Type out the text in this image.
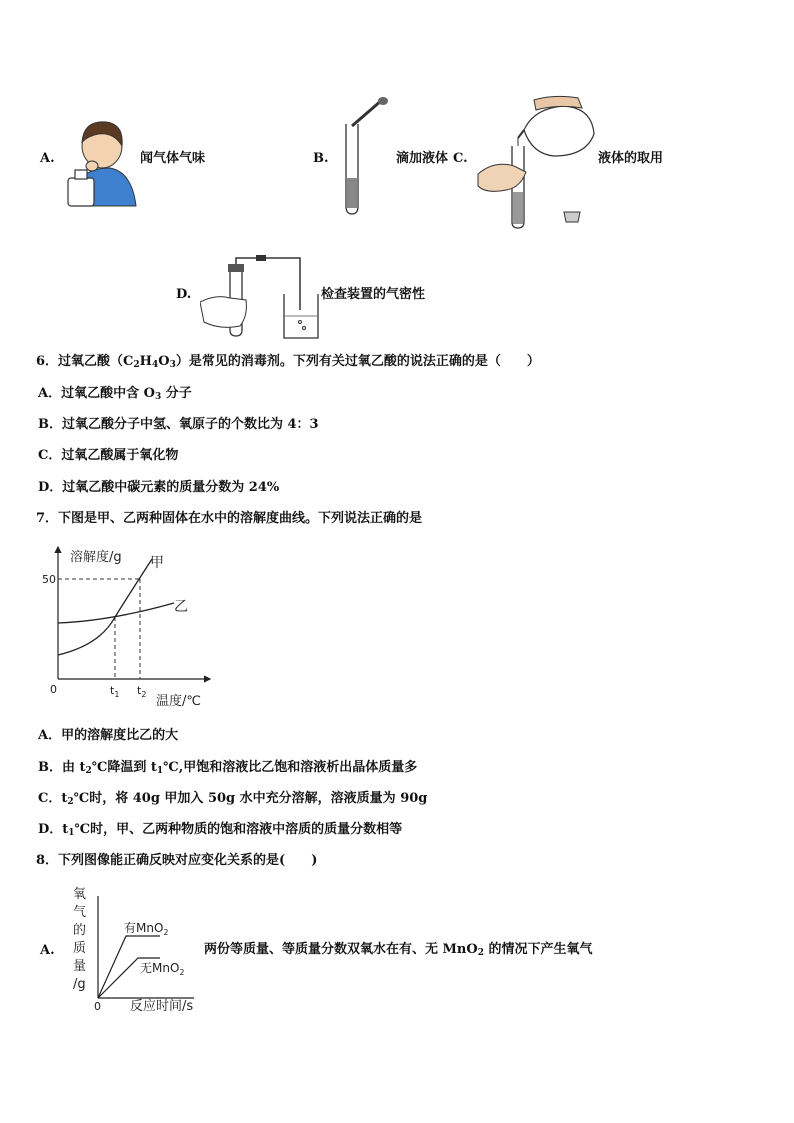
A.	闻气体气味	B.	滴加液体 C.	液体的取用
D.	检查装置的气密性
6．过氧乙酸$(C_2H_4O_3)$是常见的消毒剂。下列有关过氧乙酸的说法正确的是（　　）
A．过氧乙酸中含 $O_3$ 分子
B．过氧乙酸分子中氢、氧原子的个数比为 4：3
C．过氧乙酸属于氧化物
D．过氧乙酸中碳元素的质量分数为 24%
7．下图是甲、乙两种固体在水中的溶解度曲线。下列说法正确的是
溶解度/g
50
0	$t_1$ $t_2$ 温度/℃
甲
乙
A．甲的溶解度比乙的大
B．由 $t_2℃$降温到 $t_1℃$,甲饱和溶液比乙饱和溶液析出晶体质量多
C．$t_2℃$时，将 40g 甲加入 50g 水中充分溶解，溶液质量为 90g
D．$t_1℃$时，甲、乙两种物质的饱和溶液中溶质的质量分数相等
8．下列图像能正确反映对应变化关系的是(　　)
A.
氧
气
的
质
量
/g
0 反应时间/s
有MnO$_2$
无MnO$_2$
两份等质量、等质量分数双氧水在有、无 MnO$_2$ 的情况下产生氧气
